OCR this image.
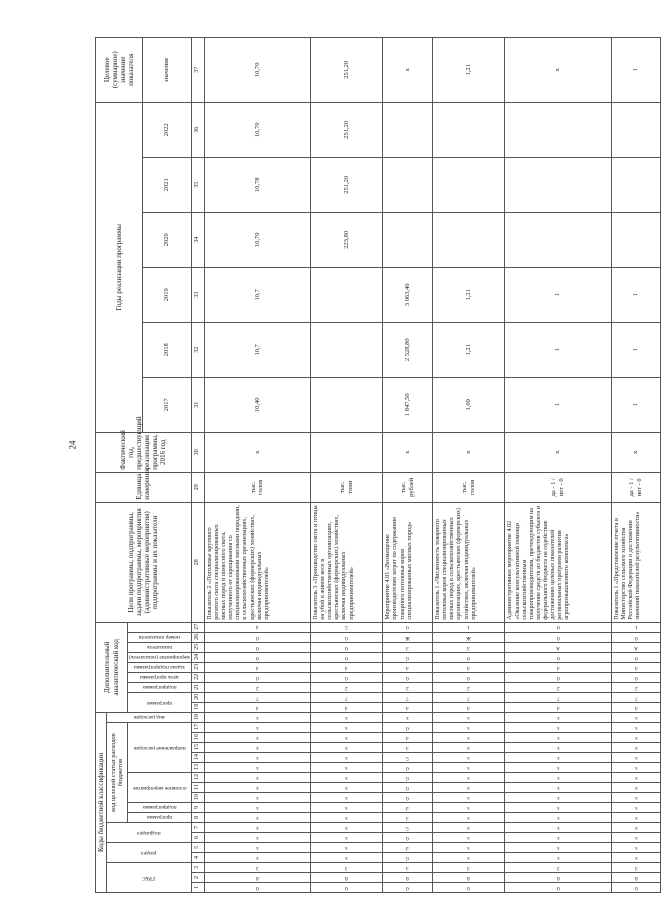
24
Коды бюджетной классификации																		Дополнительный аналитический код									Цели программы, подпрограммы, задачи подпрограммы, мероприятия (административные мероприятия) подпрограммы и их показатели	Единица измерения	Фактический год, предшествующий реализации программы, 2016 год	Годы реализации программы						Целевое (суммарное) значение показателя

ГРБС			раздел		подраздел		код целевой статьи расходов бюджетов										вид расходов																			

							программа	подпрограмма	основное мероприятие			направление расходов						программа		подпрограмма	цель программы	задача подпрограммы	мероприятие (показатель)	показатель	номер показателя											

																														2017	2018	2019	2020	2021	2022	значение
1	2	3	4	5	6	7	8	9	10	11	12	13	14	15	16	17	18	19	20	21	22	23	24	25	26	27	28	29	30	31	32	33	34	35	36	37

0	8	3	х	х	х	х	х	х	х	х	х	х	х	х	х	х	х	4	7	2	0	4	0	0	0	4	Показатель 2 «Поголовье крупного рогатого скота специализированных мясных пород и помесного скота, полученного от скрещивания со специализированными мясными породами, в сельскохозяйственных организациях, крестьянских (фермерских) хозяйствах, включая индивидуальных предпринимателей»	тыс. голов	х	10,40	10,7	10,7	10,70	10,78	10,70	10,70

0	8	3	х	х	х	х	х	х	х	х	х	х	х	х	х	х	х	4	7	2	0	4	0	0	0	5	Показатель 3 «Производство скота и птицы на убой в живом весе в сельскохозяйственных организациях, крестьянских (фермерских) хозяйствах, включая индивидуальных предпринимателей»	тыс. тонн					223,80	251,20	251,20	251,20

0	8	3	0	4	0	5	3	4	0	0	0	0	5	3	4	0	х	4	7	2	0	4	0	3	Ж	0	Мероприятие 4.01 «Возмещение производителям затрат по содержанию товарного поголовья коров специализированных мясных пород»	тыс. рублей	х	1 847,50	2 528,80	3 063,40				х

0	8	3	х	х	х	х	х	х	х	х	х	х	х	х	х	х	х	4	7	2	0	4	0	3	Ж	1	Показатель 1 «Численность товарного поголовья коров специализированных мясных пород в сельскохозяйственных организациях, крестьянских (фермерских) хозяйствах, включая индивидуальных предпринимателей»	тыс. голов	х	1,09	1,21	1,21				1,21

0	8	3	х	х	х	х	х	х	х	х	х	х	х	х	х	х	х	4	7	2	0	4	0	А	0	0	Административное мероприятие 4.02 «Оказание консультативной помощи сельскохозяйственным товаропроизводителям, претендующим на получение средств из бюджетов субъекта и федерального бюджета на содействие достижению целевых показателей региональных программ развития агропромышленного комплекса»	да - 1 / нет - 0	х	1	1	1				х

0	8	3	х	х	х	х	х	х	х	х	х	х	х	х	х	х	х	4	7	2	0	4	0	А	0	1	Показатель 1 «Представление отчета в Министерство сельского хозяйства Российской Федерации о достижении значений показателей результативности»	да - 1 / нет - 0	х	1	1	1				1
